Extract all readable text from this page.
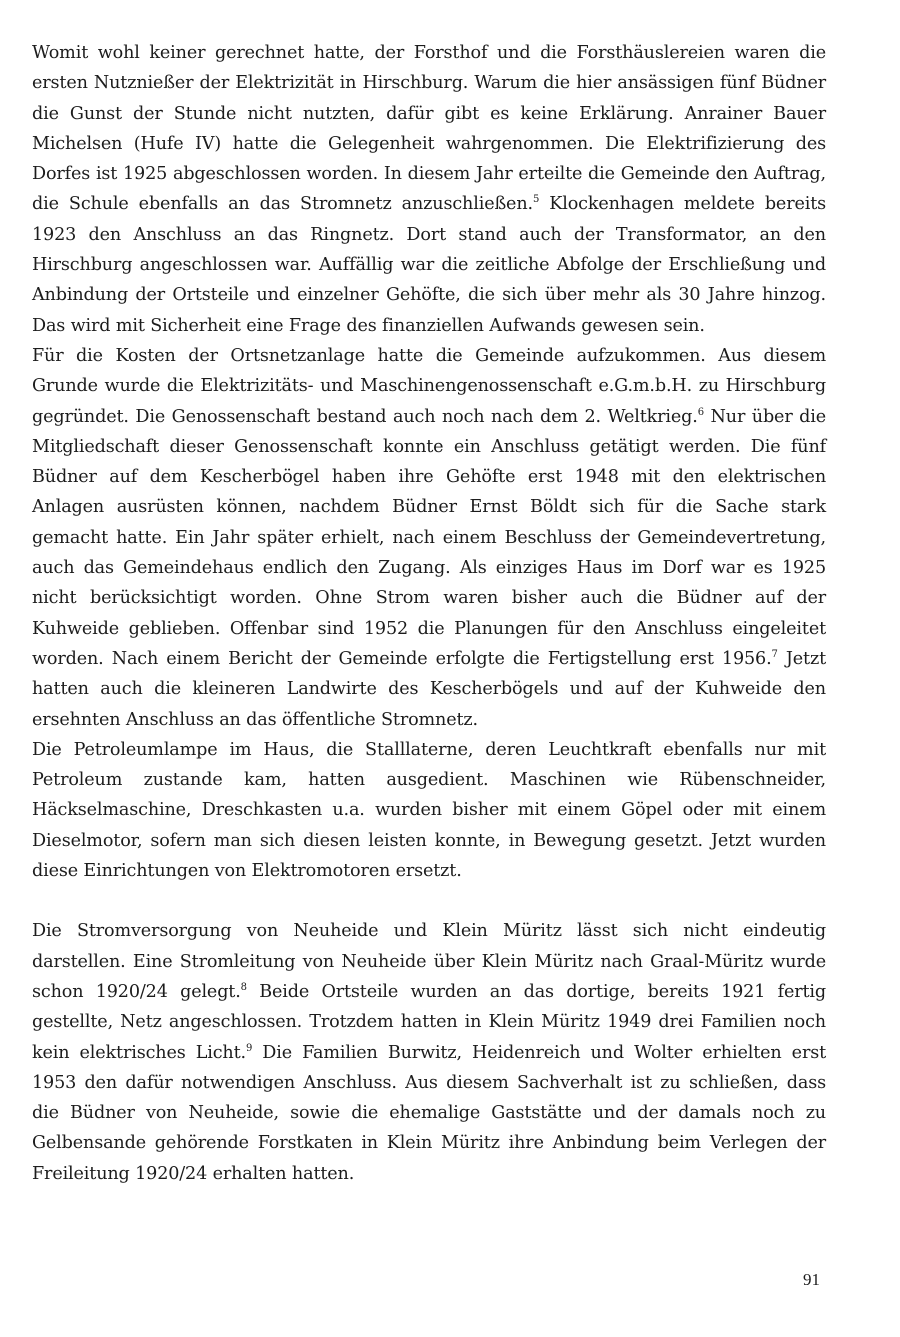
Womit wohl keiner gerechnet hatte, der Forsthof und die Forsthäuslereien waren die ersten Nutznießer der Elektrizität in Hirschburg. Warum die hier ansässigen fünf Büdner die Gunst der Stunde nicht nutzten, dafür gibt es keine Erklärung. Anrainer Bauer Michelsen (Hufe IV) hatte die Gelegenheit wahrgenommen. Die Elektrifizierung des Dorfes ist 1925 abgeschlossen worden. In diesem Jahr erteilte die Gemeinde den Auftrag, die Schule ebenfalls an das Stromnetz anzuschließen.$^5$ Klockenhagen meldete bereits 1923 den Anschluss an das Ringnetz. Dort stand auch der Transformator, an den Hirschburg angeschlossen war. Auffällig war die zeitliche Abfolge der Erschließung und Anbindung der Ortsteile und einzelner Gehöfte, die sich über mehr als 30 Jahre hinzog. Das wird mit Sicherheit eine Frage des finanziellen Aufwands gewesen sein.

Für die Kosten der Ortsnetzanlage hatte die Gemeinde aufzukommen. Aus diesem Grunde wurde die Elektrizitäts- und Maschinengenossenschaft e.G.m.b.H. zu Hirschburg gegründet. Die Genossenschaft bestand auch noch nach dem 2. Weltkrieg.$^6$ Nur über die Mitgliedschaft dieser Genossenschaft konnte ein Anschluss getätigt werden. Die fünf Büdner auf dem Kescherbögel haben ihre Gehöfte erst 1948 mit den elektrischen Anlagen ausrüsten können, nachdem Büdner Ernst Böldt sich für die Sache stark gemacht hatte. Ein Jahr später erhielt, nach einem Beschluss der Gemeindevertretung, auch das Gemeindehaus endlich den Zugang. Als einziges Haus im Dorf war es 1925 nicht berücksichtigt worden. Ohne Strom waren bisher auch die Büdner auf der Kuhweide geblieben. Offenbar sind 1952 die Planungen für den Anschluss eingeleitet worden. Nach einem Bericht der Gemeinde erfolgte die Fertigstellung erst 1956.$^7$ Jetzt hatten auch die kleineren Landwirte des Kescherbögels und auf der Kuhweide den ersehnten Anschluss an das öffentliche Stromnetz.

Die Petroleumlampe im Haus, die Stalllaterne, deren Leuchtkraft ebenfalls nur mit Petroleum zustande kam, hatten ausgedient. Maschinen wie Rübenschneider, Häckselmaschine, Dreschkasten u.a. wurden bisher mit einem Göpel oder mit einem Dieselmotor, sofern man sich diesen leisten konnte, in Bewegung gesetzt. Jetzt wurden diese Einrichtungen von Elektromotoren ersetzt.

Die Stromversorgung von Neuheide und Klein Müritz lässt sich nicht eindeutig darstellen. Eine Stromleitung von Neuheide über Klein Müritz nach Graal-Müritz wurde schon 1920/24 gelegt.$^8$ Beide Ortsteile wurden an das dortige, bereits 1921 fertig gestellte, Netz angeschlossen. Trotzdem hatten in Klein Müritz 1949 drei Familien noch kein elektrisches Licht.$^9$ Die Familien Burwitz, Heidenreich und Wolter erhielten erst 1953 den dafür notwendigen Anschluss. Aus diesem Sachverhalt ist zu schließen, dass die Büdner von Neuheide, sowie die ehemalige Gaststätte und der damals noch zu Gelbensande gehörende Forstkaten in Klein Müritz ihre Anbindung beim Verlegen der Freileitung 1920/24 erhalten hatten.

91
